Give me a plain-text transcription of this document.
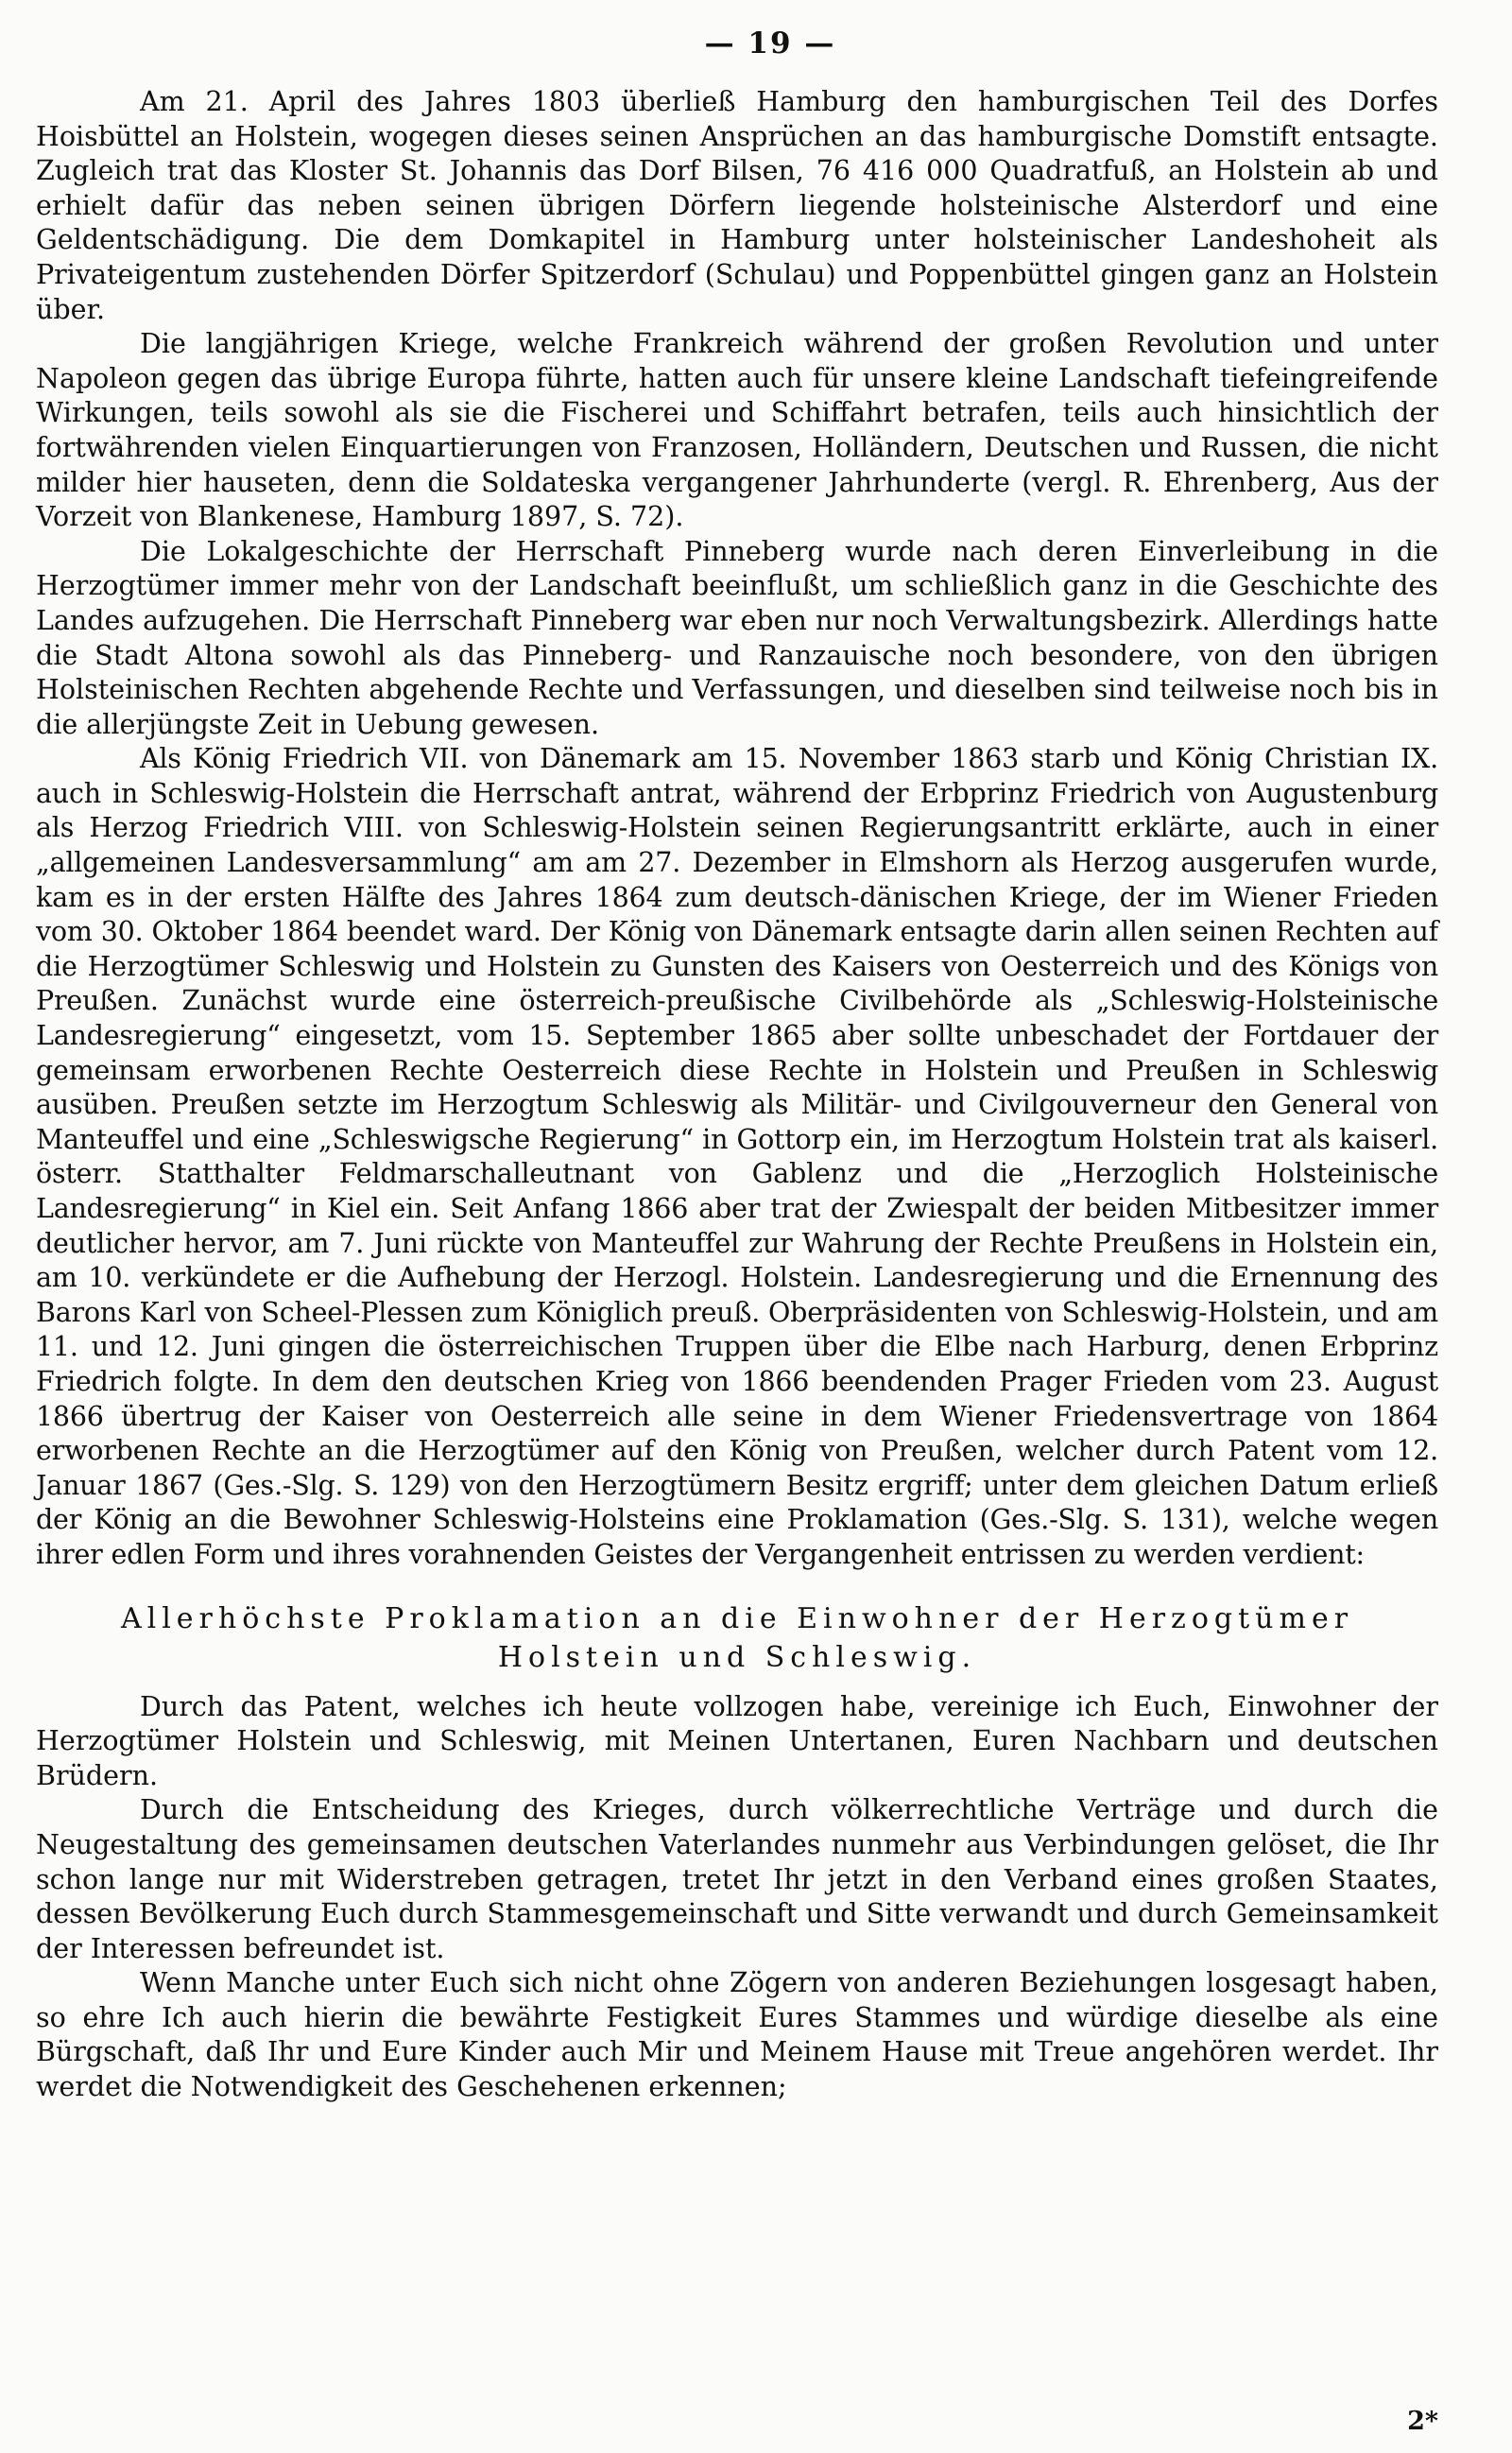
— 19 —

Am 21. April des Jahres 1803 überließ Hamburg den hamburgischen Teil des Dorfes Hoisbüttel an Holstein, wogegen dieses seinen Ansprüchen an das hamburgische Domstift entsagte. Zugleich trat das Kloster St. Johannis das Dorf Bilsen, 76 416 000 Quadratfuß, an Holstein ab und erhielt dafür das neben seinen übrigen Dörfern liegende holsteinische Alsterdorf und eine Geldentschädigung. Die dem Domkapitel in Hamburg unter holsteinischer Landeshoheit als Privateigentum zustehenden Dörfer Spitzerdorf (Schulau) und Poppenbüttel gingen ganz an Holstein über.

Die langjährigen Kriege, welche Frankreich während der großen Revolution und unter Napoleon gegen das übrige Europa führte, hatten auch für unsere kleine Landschaft tiefeingreifende Wirkungen, teils sowohl als sie die Fischerei und Schiffahrt betrafen, teils auch hinsichtlich der fortwährenden vielen Einquartierungen von Franzosen, Holländern, Deutschen und Russen, die nicht milder hier hauseten, denn die Soldateska vergangener Jahrhunderte (vergl. R. Ehrenberg, Aus der Vorzeit von Blankenese, Hamburg 1897, S. 72).

Die Lokalgeschichte der Herrschaft Pinneberg wurde nach deren Einverleibung in die Herzogtümer immer mehr von der Landschaft beeinflußt, um schließlich ganz in die Geschichte des Landes aufzugehen. Die Herrschaft Pinneberg war eben nur noch Verwaltungsbezirk. Allerdings hatte die Stadt Altona sowohl als das Pinneberg- und Ranzauische noch besondere, von den übrigen Holsteinischen Rechten abgehende Rechte und Verfassungen, und dieselben sind teilweise noch bis in die allerjüngste Zeit in Uebung gewesen.

Als König Friedrich VII. von Dänemark am 15. November 1863 starb und König Christian IX. auch in Schleswig-Holstein die Herrschaft antrat, während der Erbprinz Friedrich von Augustenburg als Herzog Friedrich VIII. von Schleswig-Holstein seinen Regierungsantritt erklärte, auch in einer „allgemeinen Landesversammlung“ am am 27. Dezember in Elmshorn als Herzog ausgerufen wurde, kam es in der ersten Hälfte des Jahres 1864 zum deutsch-dänischen Kriege, der im Wiener Frieden vom 30. Oktober 1864 beendet ward. Der König von Dänemark entsagte darin allen seinen Rechten auf die Herzogtümer Schleswig und Holstein zu Gunsten des Kaisers von Oesterreich und des Königs von Preußen. Zunächst wurde eine österreich-preußische Civilbehörde als „Schleswig-Holsteinische Landesregierung“ eingesetzt, vom 15. September 1865 aber sollte unbeschadet der Fortdauer der gemeinsam erworbenen Rechte Oesterreich diese Rechte in Holstein und Preußen in Schleswig ausüben. Preußen setzte im Herzogtum Schleswig als Militär- und Civilgouverneur den General von Manteuffel und eine „Schleswigsche Regierung“ in Gottorp ein, im Herzogtum Holstein trat als kaiserl. österr. Statthalter Feldmarschalleutnant von Gablenz und die „Herzoglich Holsteinische Landesregierung“ in Kiel ein. Seit Anfang 1866 aber trat der Zwiespalt der beiden Mitbesitzer immer deutlicher hervor, am 7. Juni rückte von Manteuffel zur Wahrung der Rechte Preußens in Holstein ein, am 10. verkündete er die Aufhebung der Herzogl. Holstein. Landesregierung und die Ernennung des Barons Karl von Scheel-Plessen zum Königlich preuß. Oberpräsidenten von Schleswig-Holstein, und am 11. und 12. Juni gingen die österreichischen Truppen über die Elbe nach Harburg, denen Erbprinz Friedrich folgte. In dem den deutschen Krieg von 1866 beendenden Prager Frieden vom 23. August 1866 übertrug der Kaiser von Oesterreich alle seine in dem Wiener Friedensvertrage von 1864 erworbenen Rechte an die Herzogtümer auf den König von Preußen, welcher durch Patent vom 12. Januar 1867 (Ges.-Slg. S. 129) von den Herzogtümern Besitz ergriff; unter dem gleichen Datum erließ der König an die Bewohner Schleswig-Holsteins eine Proklamation (Ges.-Slg. S. 131), welche wegen ihrer edlen Form und ihres vorahnenden Geistes der Vergangenheit entrissen zu werden verdient:

Allerhöchste Proklamation an die Einwohner der Herzogtümer
Holstein und Schleswig.

Durch das Patent, welches ich heute vollzogen habe, vereinige ich Euch, Einwohner der Herzogtümer Holstein und Schleswig, mit Meinen Untertanen, Euren Nachbarn und deutschen Brüdern.

Durch die Entscheidung des Krieges, durch völkerrechtliche Verträge und durch die Neugestaltung des gemeinsamen deutschen Vaterlandes nunmehr aus Verbindungen gelöset, die Ihr schon lange nur mit Widerstreben getragen, tretet Ihr jetzt in den Verband eines großen Staates, dessen Bevölkerung Euch durch Stammesgemeinschaft und Sitte verwandt und durch Gemeinsamkeit der Interessen befreundet ist.

Wenn Manche unter Euch sich nicht ohne Zögern von anderen Beziehungen losgesagt haben, so ehre Ich auch hierin die bewährte Festigkeit Eures Stammes und würdige dieselbe als eine Bürgschaft, daß Ihr und Eure Kinder auch Mir und Meinem Hause mit Treue angehören werdet. Ihr werdet die Notwendigkeit des Geschehenen erkennen;

2*
